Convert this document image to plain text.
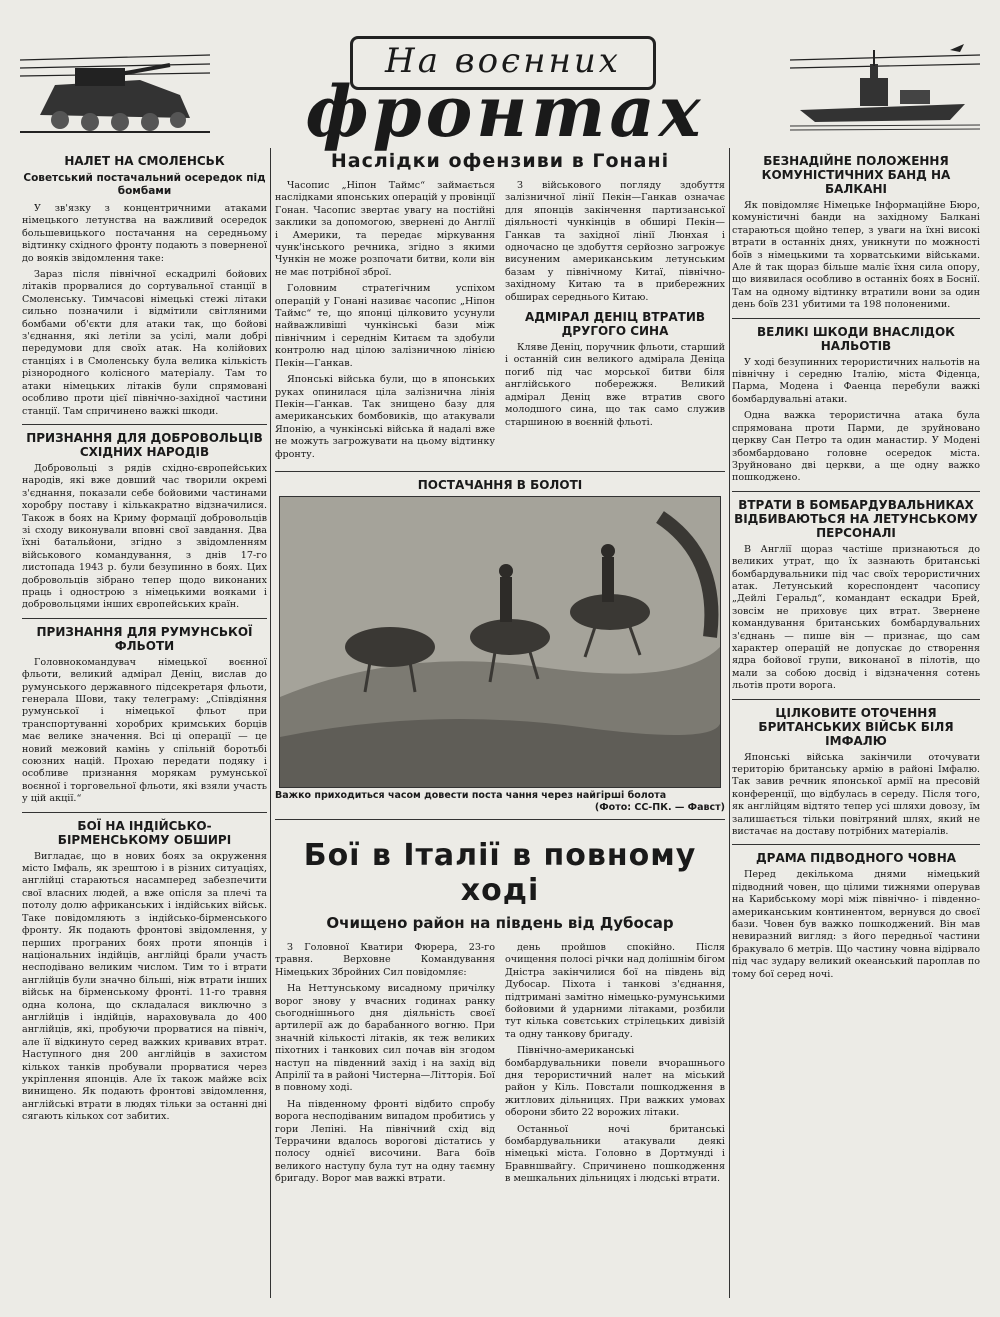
На воєнних
фронтах
НАЛЕТ НА СМОЛЕНСЬК
Советський постачальний осередок під бомбами

У зв'язку з концентричними атаками німецького летунства на важливий осередок большевицького постачання на середньому відтинку східного фронту подають з поверненої до вояків звідомлення таке:

Зараз після північної ескадрилі бойових літаків прорвалися до сортувальної станції в Смоленську. Тимчасові німецькі стежі літаки сильно позначили і відмітили світляними бомбами об'єкти для атаки так, що бойові з'єднання, які летіли за усілі, мали добрі передумови для своїх атак. На колійових станціях і в Смоленську була велика кількість різнородного колісного матеріалу. Там то атаки німецьких літаків були спрямовані особливо проти цієї північно-західної частини станції. Там спричинено важкі шкоди.

ПРИЗНАННЯ ДЛЯ ДОБРОВОЛЬЦІВ СХІДНИХ НАРОДІВ

Добровольці з рядів східно-європейських народів, які вже довший час творили окремі з'єднання, показали себе бойовими частинами хоробру поставу і кількакратно відзначилися. Також в боях на Криму формації добровольців зі сходу виконували вповні свої завдання. Два їхні батальйони, згідно з звідомленням військового командування, з днів 17-го листопада 1943 р. були безупинно в боях. Цих добровольців зібрано тепер щодо виконаних праць і однострою з німецькими вояками і добровольцями інших європейських країн.

ПРИЗНАННЯ ДЛЯ РУМУНСЬКОЇ ФЛЬОТИ

Головнокомандувач німецької воєнної фльоти, великий адмірал Деніц, вислав до румунського державного підсекретаря фльоти, генерала Шови, таку телеграму: „Співдіяння румунської і німецької фльот при транспортуванні хоробрих кримських борців має велике значення. Всі ці операції — це новий межовий камінь у спільній боротьбі союзних націй. Прохаю передати подяку і особливе признання морякам румунської воєнної і торговельної фльоти, які взяли участь у цій акції.“

БОЇ НА ІНДІЙСЬКО-БІРМЕНСЬКОМУ ОБШИРІ

Вигладає, що в нових боях за окруження місто Імфаль, як зрештою і в різних ситуаціях, англійці стараються насамперед забезпечити свої власних людей, а вже опісля за плечі та потолу долю африканських і індійських військ. Таке повідомляють з індійсько-бірменського фронту. Як подають фронтові звідомлення, у перших програних боях проти японців і національних індійців, англійці брали участь несподівано великим числом. Тим то і втрати англійців були значно більші, ніж втрати інших військ на бірменському фронті. 11-го травня одна колона, що складалася виключно з англійців і індійців, нараховувала до 400 англійців, які, пробуючи прорватися на північ, але її відкинуто серед важких кривавих втрат. Наступного дня 200 англійців в захистом кількох танків пробували прорватися через укріплення японців. Але їх також майже всіх винищено. Як подають фронтові звідомлення, англійські втрати в людях тільки за останні дні сягають кількох сот забитих.

Наслідки офензиви в Гонані

Часопис „Ніпон Таймс“ займається наслідками японських операцій у провінції Гонан. Часопис звертає увагу на постійні заклики за допомогою, звернені до Англії і Америки, та передає міркування чунк'інського речника, згідно з якими Чункін не може розпочати битви, коли він не має потрібної зброї.

Головним стратегічним успіхом операцій у Гонані називає часопис „Ніпон Таймс“ те, що японці цілковито усунули найважливіші чункінські бази між північним і середнім Китаєм та здобули контролю над цілою залізничною лінією Пекін—Ганкав.

Японські війська були, що в японських руках опинилася ціла залізнична лінія Пекін—Ганкав. Так знищено базу для американських бомбовиків, що атакували Японію, а чункінські війська й надалі вже не можуть загрожувати на цьому відтинку фронту.

З військового погляду здобуття залізничної лінії Пекін—Ганкав означає для японців закінчення партизанської діяльності чункінців в обширі Пекін—Ганкав та західної лінії Люнхая і одночасно це здобуття серйозно загрожує висуненим американським летунським базам у північному Китаї, північно-західному Китаю та в прибережних обширах середнього Китаю.

АДМІРАЛ ДЕНІЦ ВТРАТИВ ДРУГОГО СИНА

Кляве Деніц, поручник фльоти, старший і останній син великого адмірала Деніца погиб під час морської битви біля англійського побережжя. Великий адмірал Деніц вже втратив свого молодшого сина, що так само служив старшиною в воєнній фльоті.

ПОСТАЧАННЯ В БОЛОТІ
Важко приходиться часом довести поста чання через найгірші болота
(Фото: СС-ПК. — Фавст)
Бої в Італії в повному ході
Очищено район на південь від Дубосар

З Головної Кватири Фюрера, 23-го травня. Верховне Командування Німецьких Збройних Сил повідомляє:

На Неттунському висадному причілку ворог знову у вчасних годинах ранку сьогоднішнього дня діяльність своєї артилерії аж до барабанного вогню. При значній кількості літаків, як теж великих піхотних і танкових сил почав він згодом наступ на південний захід і на захід від Апрілії та в районі Чистерна—Літторія. Бої в повному ході.

На південному фронті відбито спробу ворога несподіваним випадом пробитись у гори Лепіні. На північний схід від Террачини вдалось ворогові дістатись у полосу однієї височини. Вага боїв великого наступу була тут на одну таємну бригаду. Ворог мав важкі втрати.

день пройшов спокійно. Після очищення полосі річки над долішнім бігом Дністра закінчилися бої на південь від Дубосар. Піхота і танкові з'єднання, підтримані замітно німецько-румунськими бойовими й ударними літаками, розбили тут кілька совєтських стрілецьких дивізій та одну танкову бригаду.

Північно-американські бомбардувальники повели вчорашнього дня терористичний налет на міський район у Кіль. Повстали пошкодження в житлових дільницях. При важких умовах оборони збито 22 ворожих літаки.

Останньої ночі британські бомбардувальники атакували деякі німецькі міста. Головно в Дортмунді і Бравншвайгу. Спричинено пошкодження в мешкальних дільницях і людські втрати.

БЕЗНАДІЙНЕ ПОЛОЖЕННЯ КОМУНІСТИЧНИХ БАНД НА БАЛКАНІ

Як повідомляє Німецьке Інформаційне Бюро, комуністичні банди на західному Балкані стараються щойно тепер, з уваги на їхні високі втрати в останніх днях, уникнути по можності боїв з німецькими та хорватськими військами. Але й так щораз більше маліє їхня сила опору, що виявилася особливо в останніх боях в Боснії. Там на одному відтинку втратили вони за один день боїв 231 убитими та 198 полоненими.

ВЕЛИКІ ШКОДИ ВНАСЛІДОК НАЛЬОТІВ

У ході безупинних терористичних нальотів на північну і середню Італію, міста Фіденца, Парма, Модена і Фаенца перебули важкі бомбардувальні атаки.

Одна важка терористична атака була спрямована проти Парми, де зруйновано церкву Сан Петро та один манастир. У Модені збомбардовано головне осередок міста. Зруйновано дві церкви, а ще одну важко пошкоджено.

ВТРАТИ В БОМБАРДУВАЛЬНИКАХ ВІДБИВАЮТЬСЯ НА ЛЕТУНСЬКОМУ ПЕРСОНАЛІ

В Англії щораз частіше признаються до великих утрат, що їх зазнають британські бомбардувальники під час своїх терористичних атак. Летунський кореспондент часопису „Дейлі Геральд“, командант ескадри Брей, зовсім не приховує цих втрат. Звернене командування британських бомбардувальних з'єднань — пише він — признає, що сам характер операцій не допускає до створення ядра бойової групи, виконаної в пілотів, що мали за собою досвід і відзначення сотень льотів проти ворога.

ЦІЛКОВИТЕ ОТОЧЕННЯ БРИТАНСЬКИХ ВІЙСЬК БІЛЯ ІМФАЛЮ

Японські війська закінчили оточувати територію британську армію в районі Імфалю. Так завив речник японської армії на пресовій конференції, що відбулась в середу. Після того, як англійцям відтято тепер усі шляхи довозу, їм залишається тільки повітряний шлях, який не вистачає на доставу потрібних матеріалів.

ДРАМА ПІДВОДНОГО ЧОВНА

Перед декількома днями німецький підводний човен, що цілими тижнями оперував на Карибському морі між північно- і південно-американським континентом, вернувся до своєї бази. Човен був важко пошкоджений. Він мав невиразний вигляд: з його передньої частини бракувало 6 метрів. Що частину човна відірвало під час зудару великий океанський пароплав по тому бої серед ночі.
